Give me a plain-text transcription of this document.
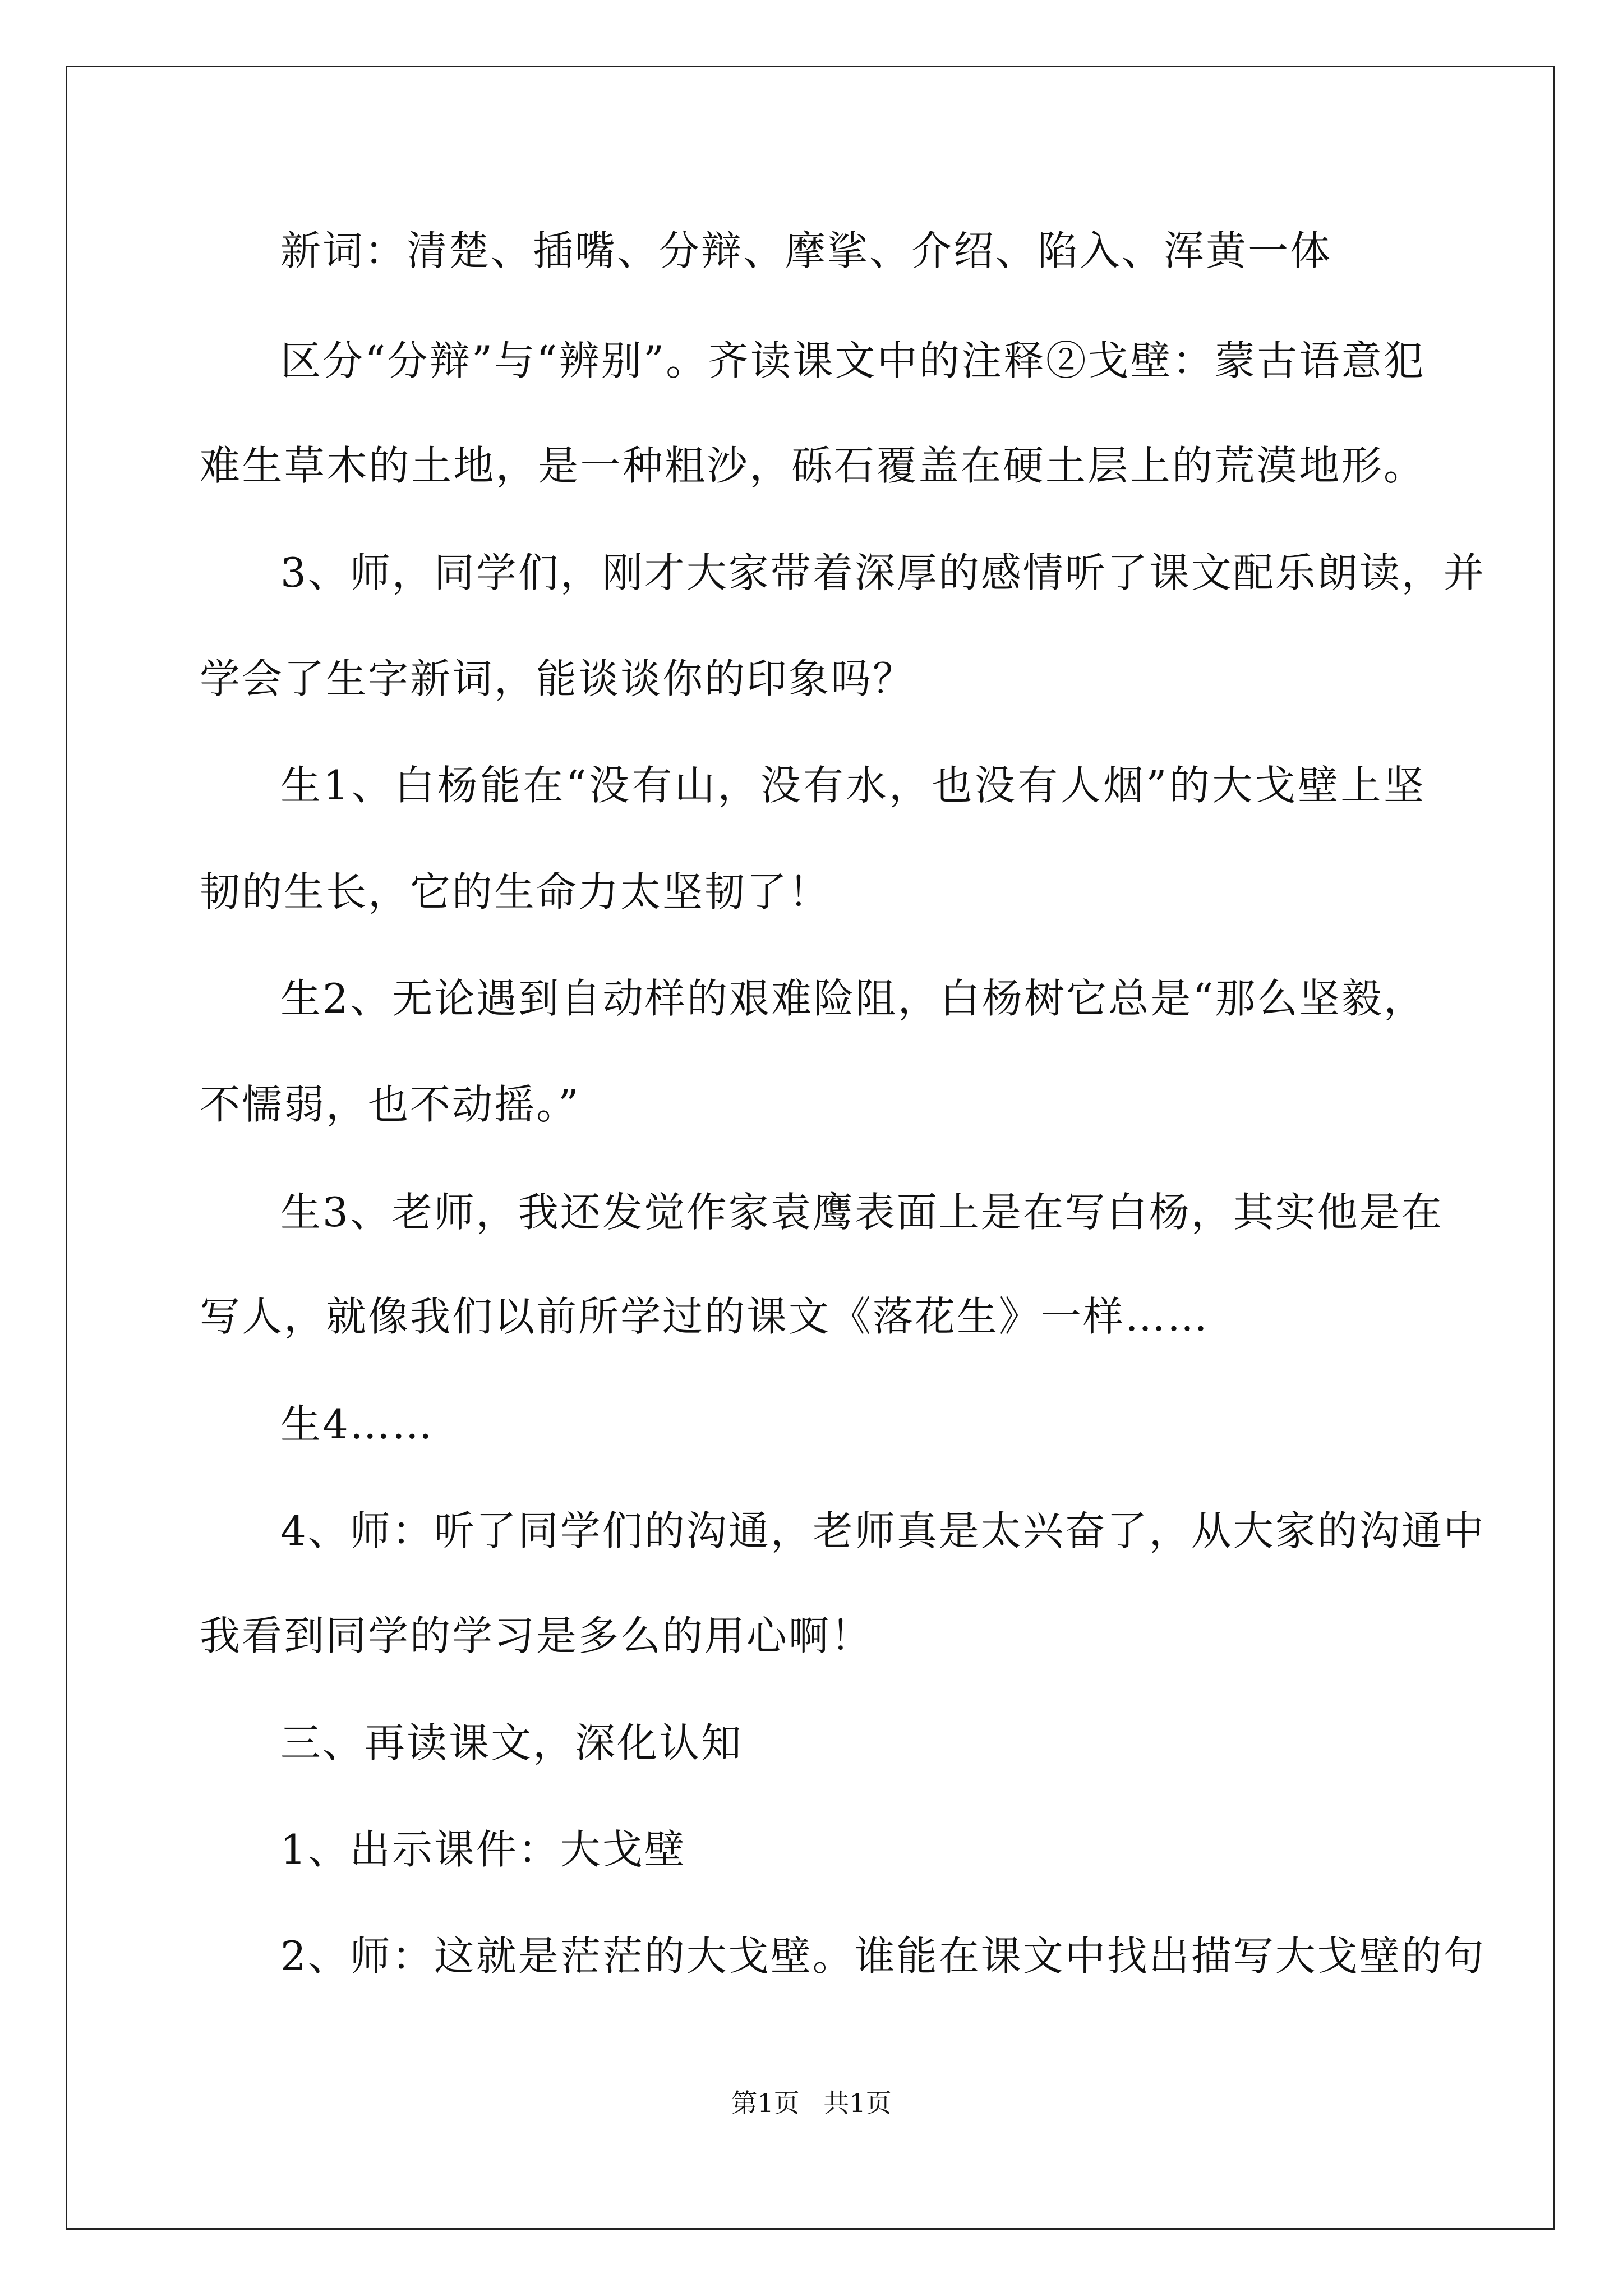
新词：清楚、插嘴、分辩、摩挲、介绍、陷入、浑黄一体
区分“分辩”与“辨别”。齐读课文中的注释②戈壁：蒙古语意犯
难生草木的土地，是一种粗沙，砾石覆盖在硬土层上的荒漠地形。
3、师，同学们，刚才大家带着深厚的感情听了课文配乐朗读，并
学会了生字新词，能谈谈你的印象吗？
生1、白杨能在“没有山，没有水，也没有人烟”的大戈壁上坚
韧的生长，它的生命力太坚韧了！
生2、无论遇到自动样的艰难险阻，白杨树它总是“那么坚毅，
不懦弱，也不动摇。”
生3、老师，我还发觉作家袁鹰表面上是在写白杨，其实他是在
写人，就像我们以前所学过的课文《落花生》一样……
生4……
4、师：听了同学们的沟通，老师真是太兴奋了，从大家的沟通中
我看到同学的学习是多么的用心啊！
三、再读课文，深化认知
1、出示课件：大戈壁
2、师：这就是茫茫的大戈壁。谁能在课文中找出描写大戈壁的句
第1页 共1页
